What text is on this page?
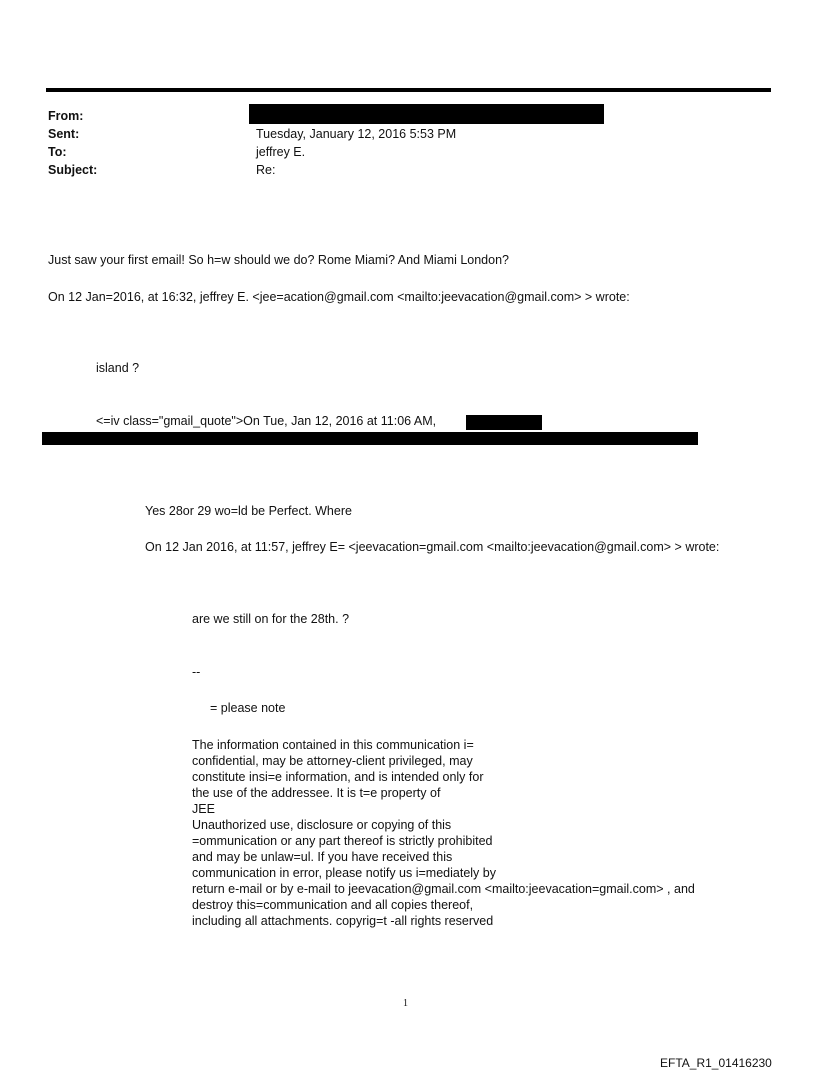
From:
Sent:	Tuesday, January 12, 2016 5:53 PM
To:	jeffrey E.
Subject:	Re:
Just saw your first email! So h=w should we do? Rome Miami? And Miami London?
On 12 Jan=2016, at 16:32, jeffrey E. <jee=acation@gmail.com <mailto:jeevacation@gmail.com> > wrote:
island ?
<=iv class="gmail_quote">On Tue, Jan 12, 2016 at 11:06 AM,
Yes 28or 29 wo=ld be Perfect. Where
On 12 Jan 2016, at 11:57, jeffrey E= <jeevacation=gmail.com <mailto:jeevacation@gmail.com> > wrote:
are we still on for the 28th. ?
--
= please note
The information contained in this communication i=
confidential, may be attorney-client privileged, may
constitute insi=e information, and is intended only for
the use of the addressee. It is t=e property of
JEE
Unauthorized use, disclosure or copying of this
=ommunication or any part thereof is strictly prohibited
and may be unlaw=ul. If you have received this
communication in error, please notify us i=mediately by
return e-mail or by e-mail to jeevacation@gmail.com <mailto:jeevacation=gmail.com> , and
destroy this=communication and all copies thereof,
including all attachments. copyrig=t -all rights reserved
1
EFTA_R1_01416230
